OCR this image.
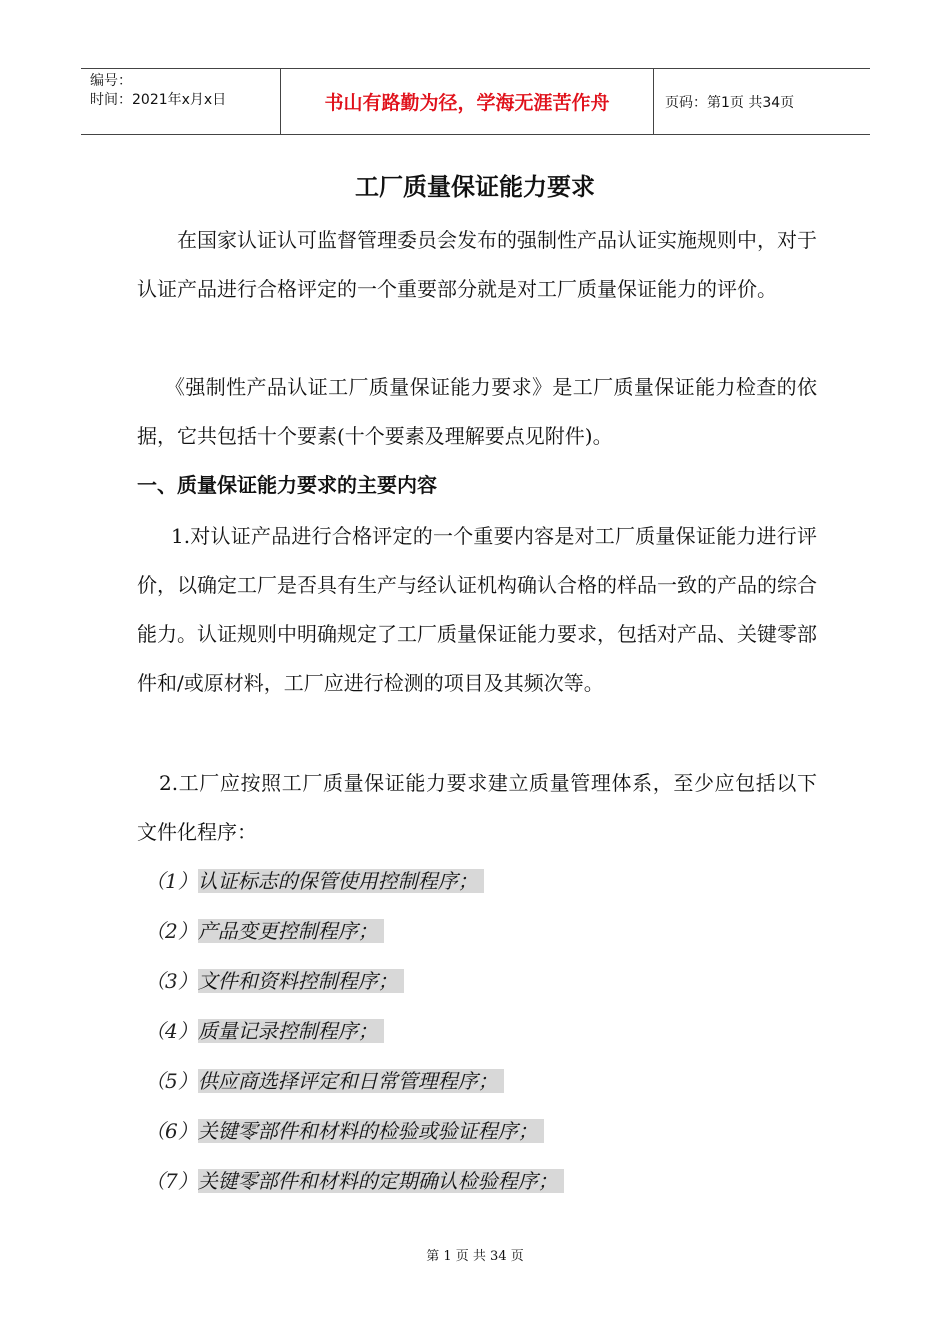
编号：
时间：2021年x月x日	书山有路勤为径，学海无涯苦作舟	页码：第1页 共34页
工厂质量保证能力要求
在国家认证认可监督管理委员会发布的强制性产品认证实施规则中，对于认证产品进行合格评定的一个重要部分就是对工厂质量保证能力的评价。
《强制性产品认证工厂质量保证能力要求》是工厂质量保证能力检查的依据，它共包括十个要素(十个要素及理解要点见附件)。
一、质量保证能力要求的主要内容
1.对认证产品进行合格评定的一个重要内容是对工厂质量保证能力进行评价，以确定工厂是否具有生产与经认证机构确认合格的样品一致的产品的综合能力。认证规则中明确规定了工厂质量保证能力要求，包括对产品、关键零部件和/或原材料，工厂应进行检测的项目及其频次等。
2.工厂应按照工厂质量保证能力要求建立质量管理体系，至少应包括以下文件化程序：
（1）认证标志的保管使用控制程序；
（2）产品变更控制程序；
（3）文件和资料控制程序；
（4）质量记录控制程序；
（5）供应商选择评定和日常管理程序；
（6）关键零部件和材料的检验或验证程序；
（7）关键零部件和材料的定期确认检验程序；
第 1 页 共 34 页
